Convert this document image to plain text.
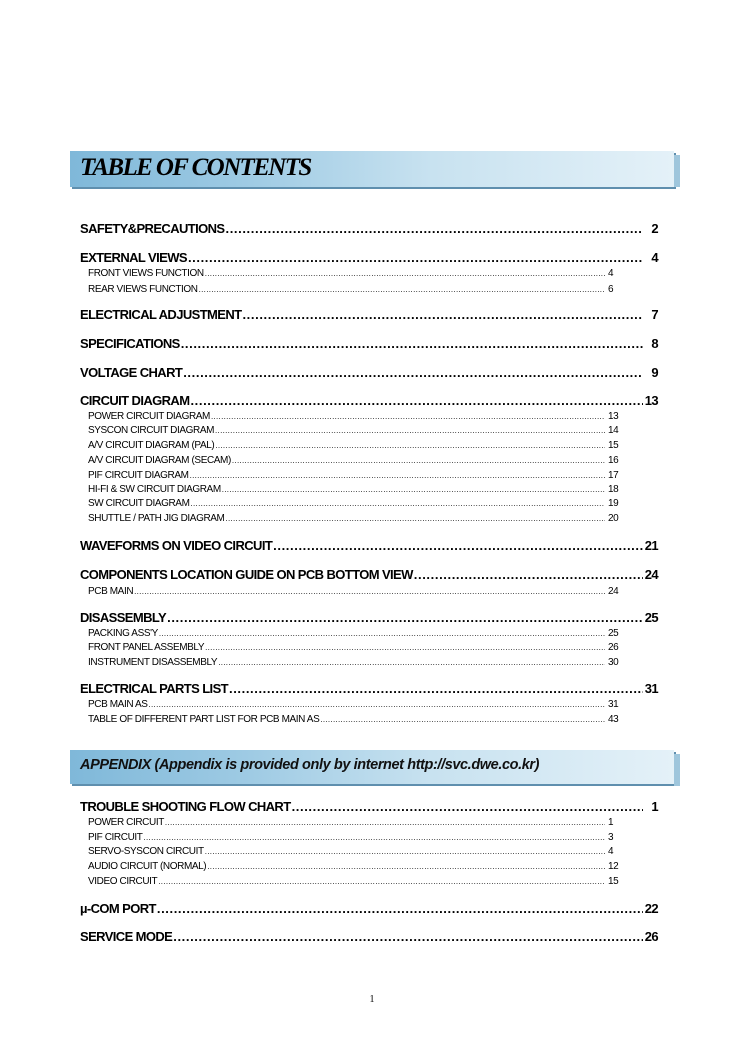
TABLE OF CONTENTS
SAFETY&PRECAUTIONS .....	2
EXTERNAL VIEWS .....	4
FRONT VIEWS FUNCTION .....	4
REAR VIEWS FUNCTION .....	6
ELECTRICAL ADJUSTMENT .....	7
SPECIFICATIONS .....	8
VOLTAGE CHART .....	9
CIRCUIT DIAGRAM .....	13
POWER CIRCUIT DIAGRAM .....	13
SYSCON CIRCUIT DIAGRAM .....	14
A/V CIRCUIT DIAGRAM (PAL) .....	15
A/V CIRCUIT DIAGRAM (SECAM) .....	16
PIF CIRCUIT DIAGRAM .....	17
HI-FI & SW CIRCUIT DIAGRAM .....	18
SW CIRCUIT DIAGRAM .....	19
SHUTTLE / PATH JIG DIAGRAM .....	20
WAVEFORMS ON VIDEO CIRCUIT .....	21
COMPONENTS LOCATION GUIDE ON PCB BOTTOM VIEW .....	24
PCB MAIN .....	24
DISASSEMBLY .....	25
PACKING ASS'Y .....	25
FRONT PANEL ASSEMBLY .....	26
INSTRUMENT DISASSEMBLY .....	30
ELECTRICAL PARTS LIST .....	31
PCB MAIN AS .....	31
TABLE OF DIFFERENT PART LIST FOR PCB MAIN AS .....	43
APPENDIX (Appendix is provided only by internet http://svc.dwe.co.kr)
TROUBLE SHOOTING FLOW CHART .....	1
POWER CIRCUIT .....	1
PIF CIRCUIT .....	3
SERVO-SYSCON CIRCUIT .....	4
AUDIO CIRCUIT (NORMAL) .....	12
VIDEO CIRCUIT .....	15
µ-COM PORT .....	22
SERVICE MODE .....	26
1
